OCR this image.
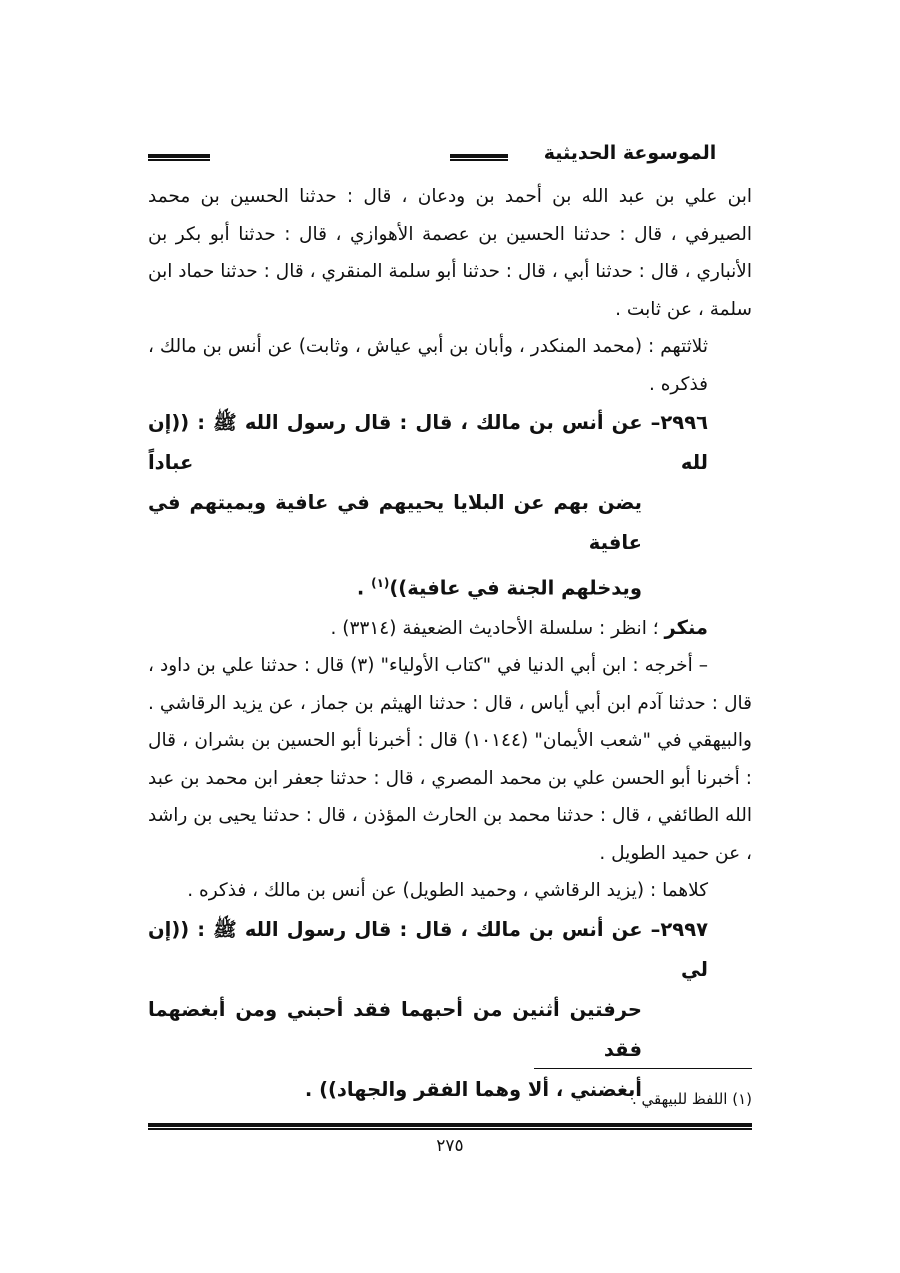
الموسوعة الحديثية

ابن علي بن عبد الله بن أحمد بن ودعان ، قال : حدثنا الحسين بن محمد الصيرفي ، قال : حدثنا الحسين بن عصمة الأهوازي ، قال : حدثنا أبو بكر بن الأنباري ، قال : حدثنا أبي ، قال : حدثنا أبو سلمة المنقري ، قال : حدثنا حماد ابن سلمة ، عن ثابت .

ثلاثتهم : (محمد المنكدر ، وأبان بن أبي عياش ، وثابت) عن أنس بن مالك ، فذكره .

٢٩٩٦– عن أنس بن مالك ، قال : قال رسول الله ﷺ : ((إن لله عباداً
يضن بهم عن البلايا يحييهم في عافية ويميتهم في عافية
ويدخلهم الجنة في عافية))$^{(١)}$ .

منكر ؛ انظر : سلسلة الأحاديث الضعيفة (٣٣١٤) .

– أخرجه : ابن أبي الدنيا في "كتاب الأولياء" (٣) قال : حدثنا علي بن داود ، قال : حدثنا آدم ابن أبي أياس ، قال : حدثنا الهيثم بن جماز ، عن يزيد الرقاشي . والبيهقي في "شعب الأيمان" (١٠١٤٤) قال : أخبرنا أبو الحسين بن بشران ، قال : أخبرنا أبو الحسن علي بن محمد المصري ، قال : حدثنا جعفر ابن محمد بن عبد الله الطائفي ، قال : حدثنا محمد بن الحارث المؤذن ، قال : حدثنا يحيى بن راشد ، عن حميد الطويل .

كلاهما : (يزيد الرقاشي ، وحميد الطويل) عن أنس بن مالك ، فذكره .

٢٩٩٧– عن أنس بن مالك ، قال : قال رسول الله ﷺ : ((إن لي
حرفتين أثنين من أحبهما فقد أحبني ومن أبغضهما فقد
أبغضني ، ألا وهما الفقر والجهاد)) .
(١) اللفظ للبيهقي .
٢٧٥
